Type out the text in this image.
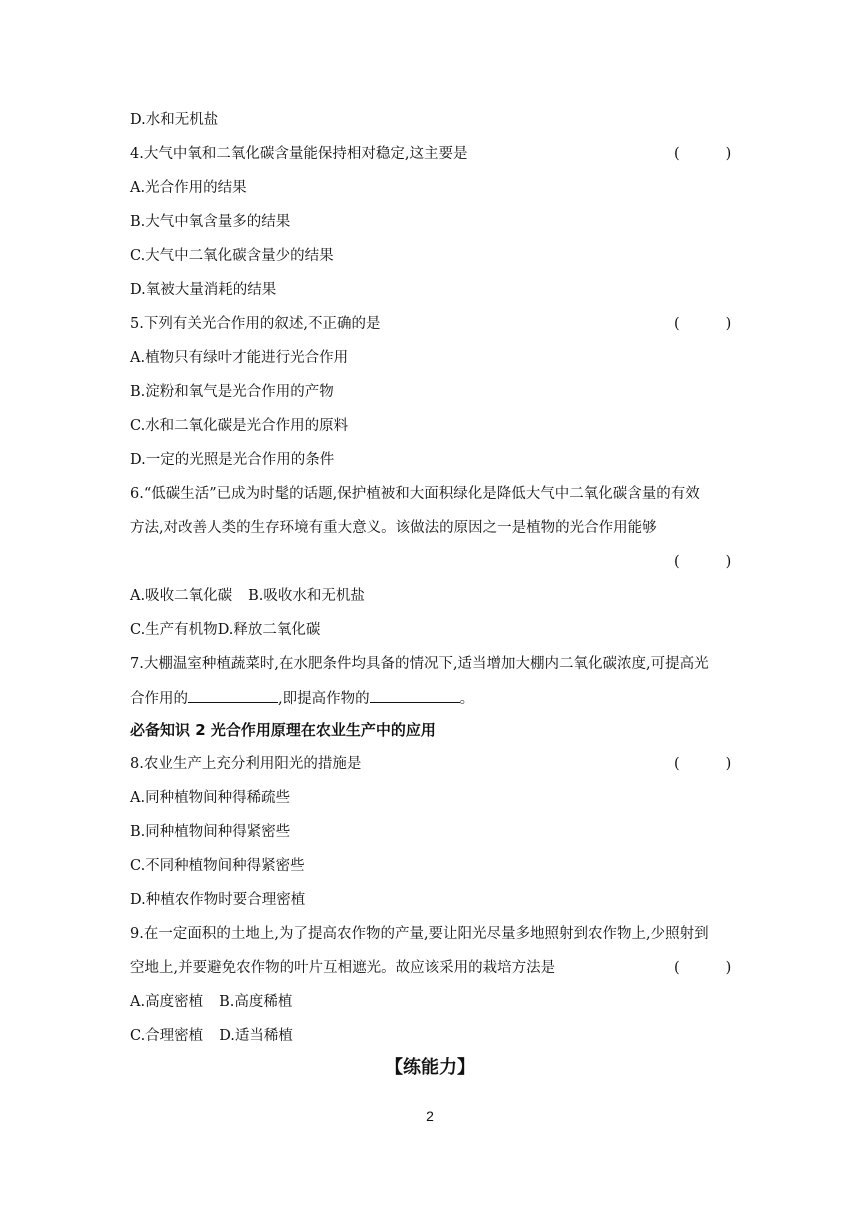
D.水和无机盐
4.大气中氧和二氧化碳含量能保持相对稳定,这主要是	(	)
A.光合作用的结果
B.大气中氧含量多的结果
C.大气中二氧化碳含量少的结果
D.氧被大量消耗的结果
5.下列有关光合作用的叙述,不正确的是	(	)
A.植物只有绿叶才能进行光合作用
B.淀粉和氧气是光合作用的产物
C.水和二氧化碳是光合作用的原料
D.一定的光照是光合作用的条件
6.“低碳生活”已成为时髦的话题,保护植被和大面积绿化是降低大气中二氧化碳含量的有效
方法,对改善人类的生存环境有重大意义。该做法的原因之一是植物的光合作用能够
(	)
A.吸收二氧化碳 B.吸收水和无机盐
C.生产有机物D.释放二氧化碳
7.大棚温室种植蔬菜时,在水肥条件均具备的情况下,适当增加大棚内二氧化碳浓度,可提高光
合作用的	,即提高作物的	。
必备知识 2 光合作用原理在农业生产中的应用
8.农业生产上充分利用阳光的措施是	(	)
A.同种植物间种得稀疏些
B.同种植物间种得紧密些
C.不同种植物间种得紧密些
D.种植农作物时要合理密植
9.在一定面积的土地上,为了提高农作物的产量,要让阳光尽量多地照射到农作物上,少照射到
空地上,并要避免农作物的叶片互相遮光。故应该采用的栽培方法是	(	)
A.高度密植 B.高度稀植
C.合理密植 D.适当稀植
【练能力】
2
